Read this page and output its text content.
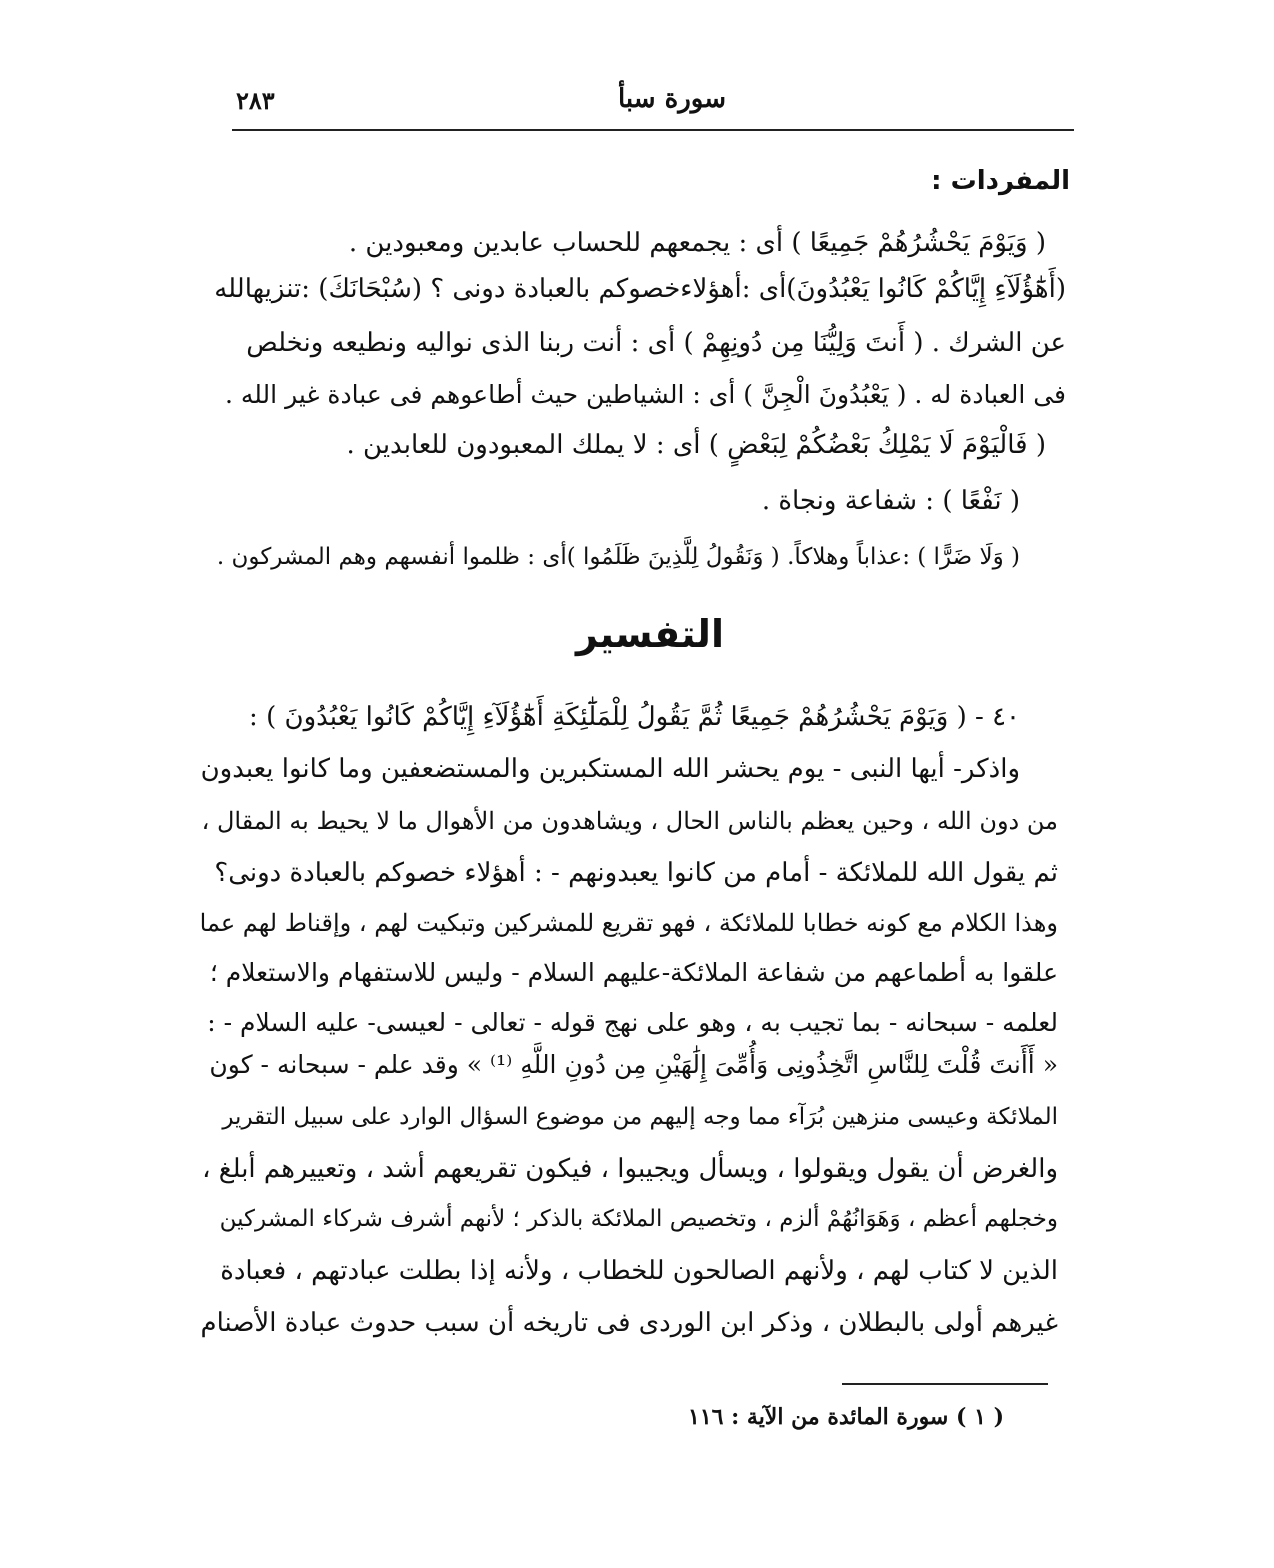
٢٨٣	سورة سبأ
المفردات :
( وَيَوْمَ يَحْشُرُهُمْ جَمِيعًا ) أى : يجمعهم للحساب عابدين ومعبودين .
(أَهَٰٓؤُلَآءِ إِيَّاكُمْ كَانُوا يَعْبُدُونَ)أى :أهؤلاءخصوكم بالعبادة دونى ؟ (سُبْحَانَكَ) :تنزيهالله
عن الشرك . ( أَنتَ وَلِيُّنَا مِن دُونِهِمْ ) أى : أنت ربنا الذى نواليه ونطيعه ونخلص
فى العبادة له . ( يَعْبُدُونَ الْجِنَّ ) أى : الشياطين حيث أطاعوهم فى عبادة غير الله .
( فَالْيَوْمَ لَا يَمْلِكُ بَعْضُكُمْ لِبَعْضٍ ) أى : لا يملك المعبودون للعابدين .
( نَفْعًا ) : شفاعة ونجاة .
( وَلَا ضَرًّا ) :عذاباً وهلاكاً. ( وَنَقُولُ لِلَّذِينَ ظَلَمُوا )أى : ظلموا أنفسهم وهم المشركون .
التفسير
٤٠ - ( وَيَوْمَ يَحْشُرُهُمْ جَمِيعًا ثُمَّ يَقُولُ لِلْمَلَٰٓئِكَةِ أَهَٰٓؤُلَآءِ إِيَّاكُمْ كَانُوا يَعْبُدُونَ ) :
واذكر- أيها النبى - يوم يحشر الله المستكبرين والمستضعفين وما كانوا يعبدون
من دون الله ، وحين يعظم بالناس الحال ، ويشاهدون من الأهوال ما لا يحيط به المقال ،
ثم يقول الله للملائكة - أمام من كانوا يعبدونهم - : أهؤلاء خصوكم بالعبادة دونى؟
وهذا الكلام مع كونه خطابا للملائكة ، فهو تقريع للمشركين وتبكيت لهم ، وإقناط لهم عما
علقوا به أطماعهم من شفاعة الملائكة-عليهم السلام - وليس للاستفهام والاستعلام ؛
لعلمه - سبحانه - بما تجيب به ، وهو على نهج قوله - تعالى - لعيسى- عليه السلام - :
« أَأَنتَ قُلْتَ لِلنَّاسِ اتَّخِذُونِى وَأُمِّىَ إِلَٰهَيْنِ مِن دُونِ اللَّهِ ⁽¹⁾ » وقد علم - سبحانه - كون
الملائكة وعيسى منزهين بُرَآء مما وجه إليهم من موضوع السؤال الوارد على سبيل التقرير
والغرض أن يقول ويقولوا ، ويسأل ويجيبوا ، فيكون تقريعهم أشد ، وتعييرهم أبلغ ،
وخجلهم أعظم ، وَهَوَانُهُمْ ألزم ، وتخصيص الملائكة بالذكر ؛ لأنهم أشرف شركاء المشركين
الذين لا كتاب لهم ، ولأنهم الصالحون للخطاب ، ولأنه إذا بطلت عبادتهم ، فعبادة
غيرهم أولى بالبطلان ، وذكر ابن الوردى فى تاريخه أن سبب حدوث عبادة الأصنام
( ١ ) سورة المائدة من الآية : ١١٦
